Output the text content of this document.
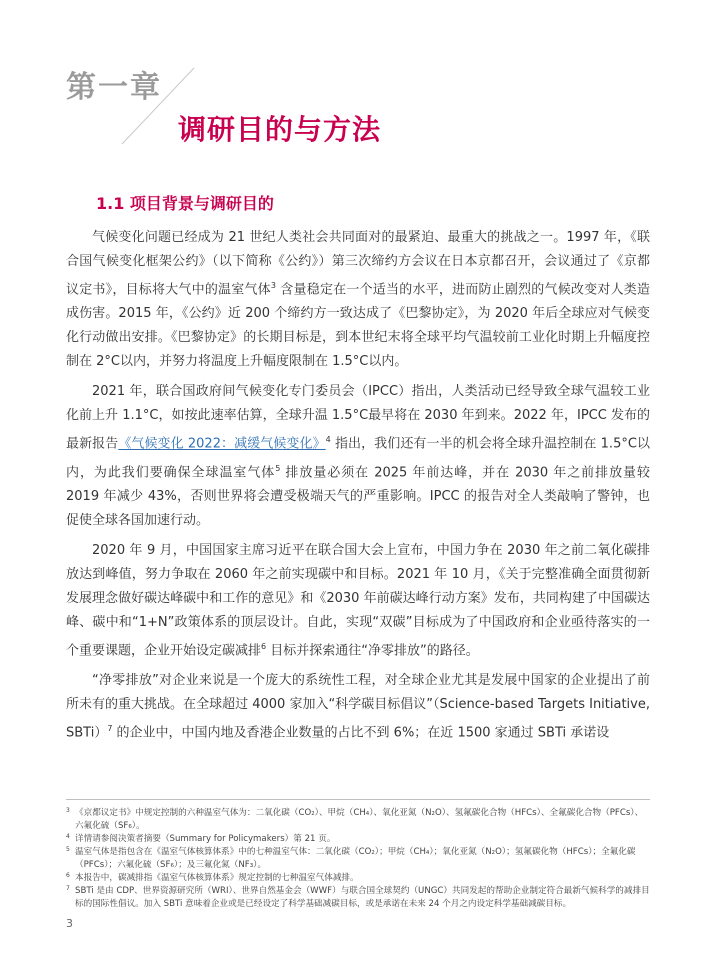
第一章
调研目的与方法
1.1 项目背景与调研目的

气候变化问题已经成为 21 世纪人类社会共同面对的最紧迫、最重大的挑战之一。1997 年，《联合国气候变化框架公约》（以下简称《公约》）第三次缔约方会议在日本京都召开，会议通过了《京都议定书》，目标将大气中的温室气体$^3$ 含量稳定在一个适当的水平，进而防止剧烈的气候改变对人类造成伤害。2015 年，《公约》近 200 个缔约方一致达成了《巴黎协定》，为 2020 年后全球应对气候变化行动做出安排。《巴黎协定》的长期目标是，到本世纪末将全球平均气温较前工业化时期上升幅度控制在 2°C以内，并努力将温度上升幅度限制在 1.5°C以内。

2021 年，联合国政府间气候变化专门委员会（IPCC）指出，人类活动已经导致全球气温较工业化前上升 1.1°C，如按此速率估算，全球升温 1.5°C最早将在 2030 年到来。2022 年，IPCC 发布的最新报告《气候变化 2022：减缓气候变化》$^4$ 指出，我们还有一半的机会将全球升温控制在 1.5°C以内，为此我们要确保全球温室气体$^5$ 排放量必须在 2025 年前达峰，并在 2030 年之前排放量较 2019 年减少 43%，否则世界将会遭受极端天气的严重影响。IPCC 的报告对全人类敲响了警钟，也促使全球各国加速行动。

2020 年 9 月，中国国家主席习近平在联合国大会上宣布，中国力争在 2030 年之前二氧化碳排放达到峰值，努力争取在 2060 年之前实现碳中和目标。2021 年 10 月，《关于完整准确全面贯彻新发展理念做好碳达峰碳中和工作的意见》和《2030 年前碳达峰行动方案》发布，共同构建了中国碳达峰、碳中和“1+N”政策体系的顶层设计。自此，实现“双碳”目标成为了中国政府和企业亟待落实的一个重要课题，企业开始设定碳减排$^6$ 目标并探索通往“净零排放”的路径。

“净零排放”对企业来说是一个庞大的系统性工程，对全球企业尤其是发展中国家的企业提出了前所未有的重大挑战。在全球超过 4000 家加入“科学碳目标倡议”（Science-based Targets Initiative, SBTi）$^7$ 的企业中，中国内地及香港企业数量的占比不到 6%；在近 1500 家通过 SBTi 承诺设

3 《京都议定书》中规定控制的六种温室气体为：二氧化碳（CO₂）、甲烷（CH₄）、氧化亚氮（N₂O）、氢氟碳化合物（HFCs）、全氟碳化合物（PFCs）、六氟化硫（SF₆）。
4 详情请参阅决策者摘要（Summary for Policymakers）第 21 页。
5 温室气体是指包含在《温室气体核算体系》中的七种温室气体：二氧化碳（CO₂）；甲烷（CH₄）；氧化亚氮（N₂O）；氢氟碳化物（HFCs）；全氟化碳（PFCs）；六氟化硫（SF₆）；及三氟化氮（NF₃）。
6 本报告中，碳减排指《温室气体核算体系》规定控制的七种温室气体减排。
7 SBTi 是由 CDP、世界资源研究所（WRI）、世界自然基金会（WWF）与联合国全球契约（UNGC）共同发起的帮助企业制定符合最新气候科学的减排目标的国际性倡议。加入 SBTi 意味着企业或是已经设定了科学基础减碳目标，或是承诺在未来 24 个月之内设定科学基础减碳目标。
3
